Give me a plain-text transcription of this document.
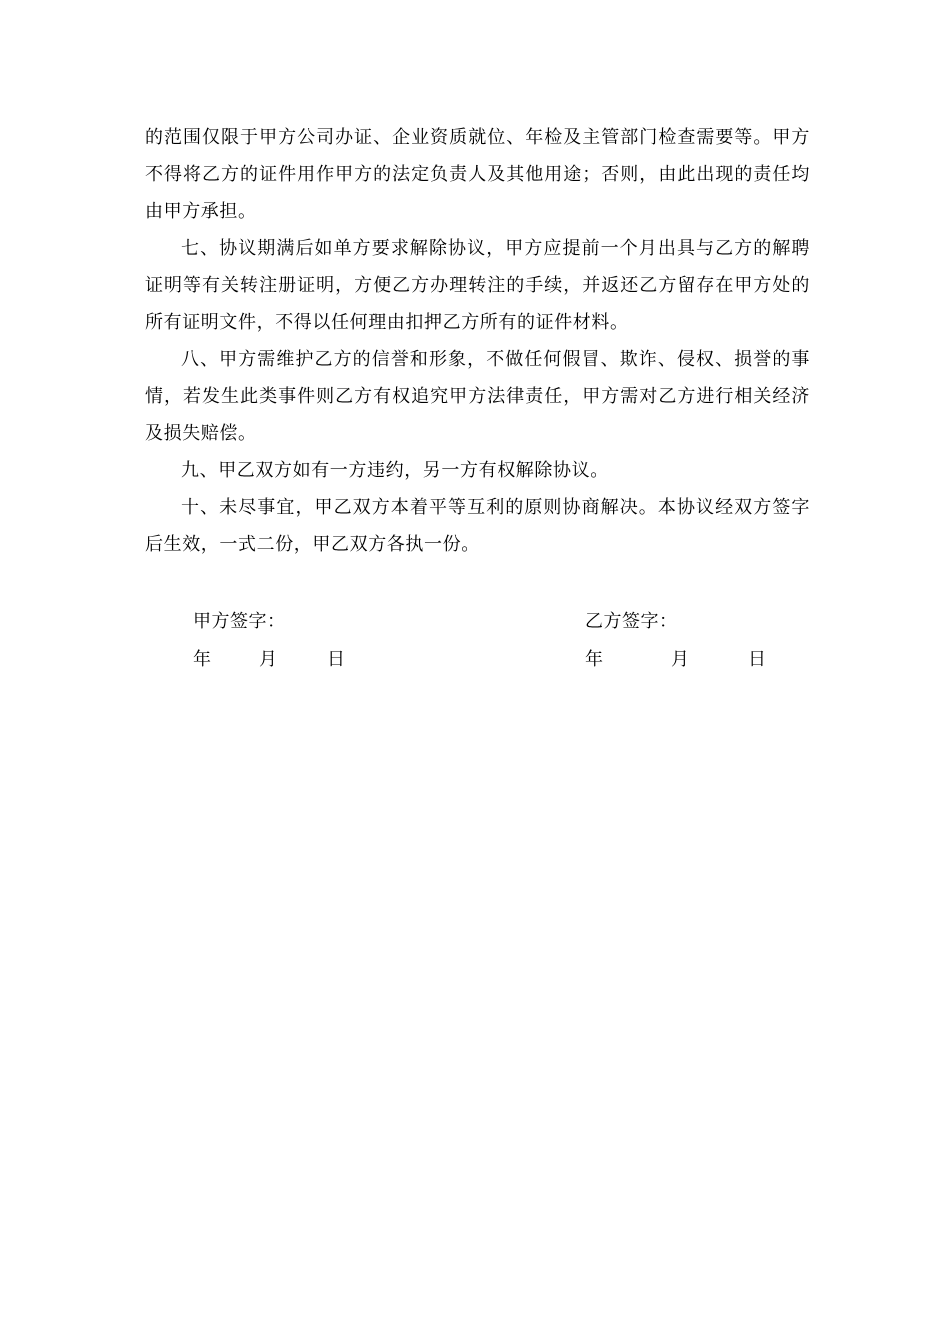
的范围仅限于甲方公司办证、企业资质就位、年检及主管部门检查需要等。甲方不得将乙方的证件用作甲方的法定负责人及其他用途；否则，由此出现的责任均由甲方承担。

七、协议期满后如单方要求解除协议，甲方应提前一个月出具与乙方的解聘证明等有关转注册证明，方便乙方办理转注的手续，并返还乙方留存在甲方处的所有证明文件，不得以任何理由扣押乙方所有的证件材料。

八、甲方需维护乙方的信誉和形象，不做任何假冒、欺诈、侵权、损誉的事情，若发生此类事件则乙方有权追究甲方法律责任，甲方需对乙方进行相关经济及损失赔偿。

九、甲乙双方如有一方违约，另一方有权解除协议。

十、未尽事宜，甲乙双方本着平等互利的原则协商解决。本协议经双方签字后生效，一式二份，甲乙双方各执一份。

甲方签字：	乙方签字：
年	月	日	年	月	日
